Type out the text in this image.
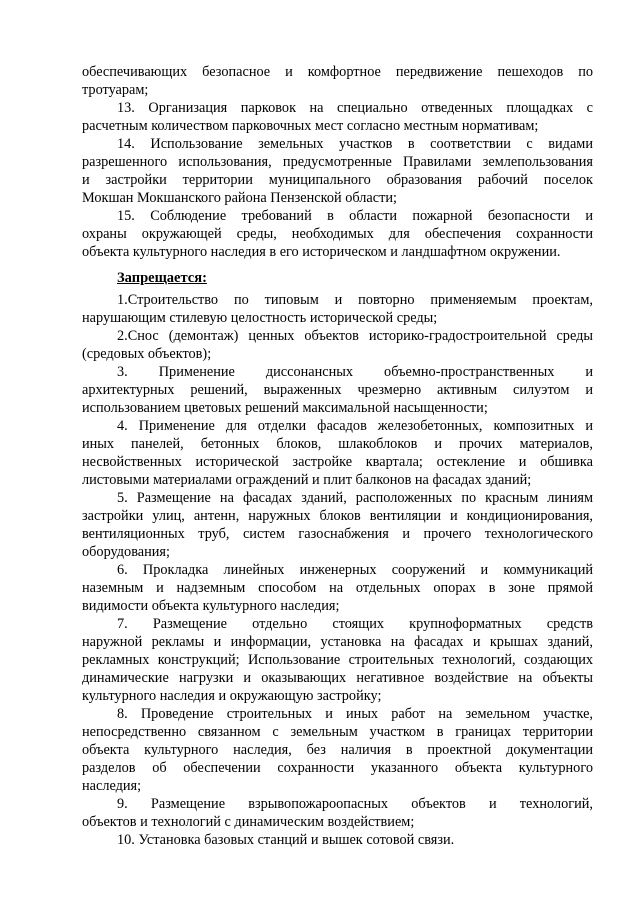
обеспечивающих безопасное и комфортное передвижение пешеходов по
тротуарам;
13. Организация парковок на специально отведенных площадках с
расчетным количеством парковочных мест согласно местным нормативам;
14. Использование земельных участков в соответствии с видами
разрешенного использования, предусмотренные Правилами землепользования
и застройки территории муниципального образования рабочий поселок
Мокшан Мокшанского района Пензенской области;
15. Соблюдение требований в области пожарной безопасности и
охраны окружающей среды, необходимых для обеспечения сохранности
объекта культурного наследия в его историческом и ландшафтном окружении.
1.Строительство по типовым и повторно применяемым проектам,
нарушающим стилевую целостность исторической среды;
2.Снос (демонтаж) ценных объектов историко-градостроительной среды
(средовых объектов);
3. Применение диссонансных объемно-пространственных и
архитектурных решений, выраженных чрезмерно активным силуэтом и
использованием цветовых решений максимальной насыщенности;
4. Применение для отделки фасадов железобетонных, композитных и
иных панелей, бетонных блоков, шлакоблоков и прочих материалов,
несвойственных исторической застройке квартала; остекление и обшивка
листовыми материалами ограждений и плит балконов на фасадах зданий;
5. Размещение на фасадах зданий, расположенных по красным линиям
застройки улиц, антенн, наружных блоков вентиляции и кондиционирования,
вентиляционных труб, систем газоснабжения и прочего технологического
оборудования;
6. Прокладка линейных инженерных сооружений и коммуникаций
наземным и надземным способом на отдельных опорах в зоне прямой
видимости объекта культурного наследия;
7. Размещение отдельно стоящих крупноформатных средств
наружной рекламы и информации, установка на фасадах и крышах зданий,
рекламных конструкций; Использование строительных технологий, создающих
динамические нагрузки и оказывающих негативное воздействие на объекты
культурного наследия и окружающую застройку;
8. Проведение строительных и иных работ на земельном участке,
непосредственно связанном с земельным участком в границах территории
объекта культурного наследия, без наличия в проектной документации
разделов об обеспечении сохранности указанного объекта культурного
наследия;
9. Размещение взрывопожароопасных объектов и технологий,
объектов и технологий с динамическим воздействием;
10. Установка базовых станций и вышек сотовой связи.
Запрещается:
